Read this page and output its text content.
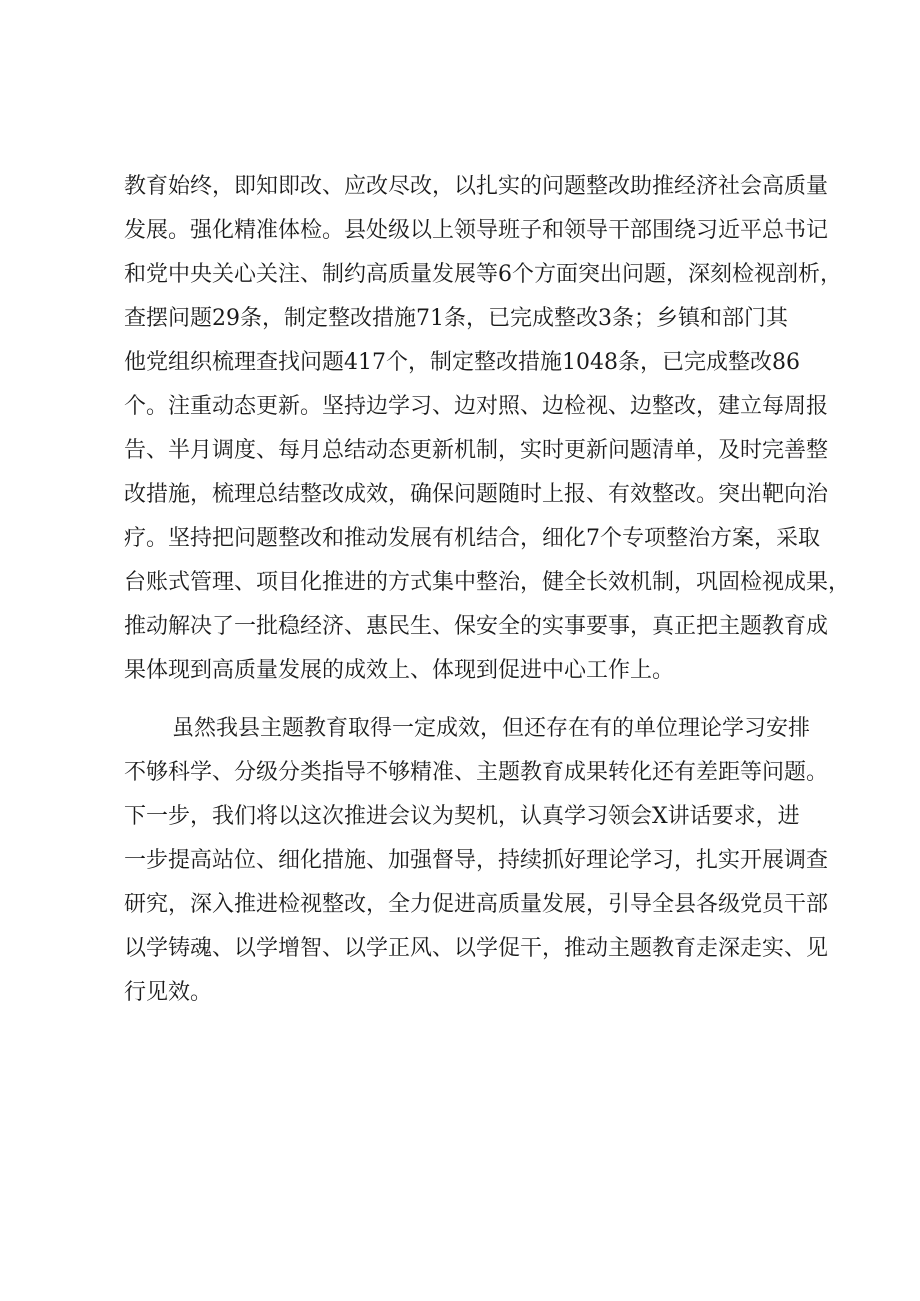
教育始终，即知即改、应改尽改，以扎实的问题整改助推经济社会高质量
发展。强化精准体检。县处级以上领导班子和领导干部围绕习近平总书记
和党中央关心关注、制约高质量发展等6个方面突出问题，深刻检视剖析，
查摆问题29条，制定整改措施71条，已完成整改3条；乡镇和部门其
他党组织梳理查找问题417个，制定整改措施1048条，已完成整改86
个。注重动态更新。坚持边学习、边对照、边检视、边整改，建立每周报
告、半月调度、每月总结动态更新机制，实时更新问题清单，及时完善整
改措施，梳理总结整改成效，确保问题随时上报、有效整改。突出靶向治
疗。坚持把问题整改和推动发展有机结合，细化7个专项整治方案，采取
台账式管理、项目化推进的方式集中整治，健全长效机制，巩固检视成果，
推动解决了一批稳经济、惠民生、保安全的实事要事，真正把主题教育成
果体现到高质量发展的成效上、体现到促进中心工作上。
虽然我县主题教育取得一定成效，但还存在有的单位理论学习安排
不够科学、分级分类指导不够精准、主题教育成果转化还有差距等问题。
下一步，我们将以这次推进会议为契机，认真学习领会X讲话要求，进
一步提高站位、细化措施、加强督导，持续抓好理论学习，扎实开展调查
研究，深入推进检视整改，全力促进高质量发展，引导全县各级党员干部
以学铸魂、以学增智、以学正风、以学促干，推动主题教育走深走实、见
行见效。
